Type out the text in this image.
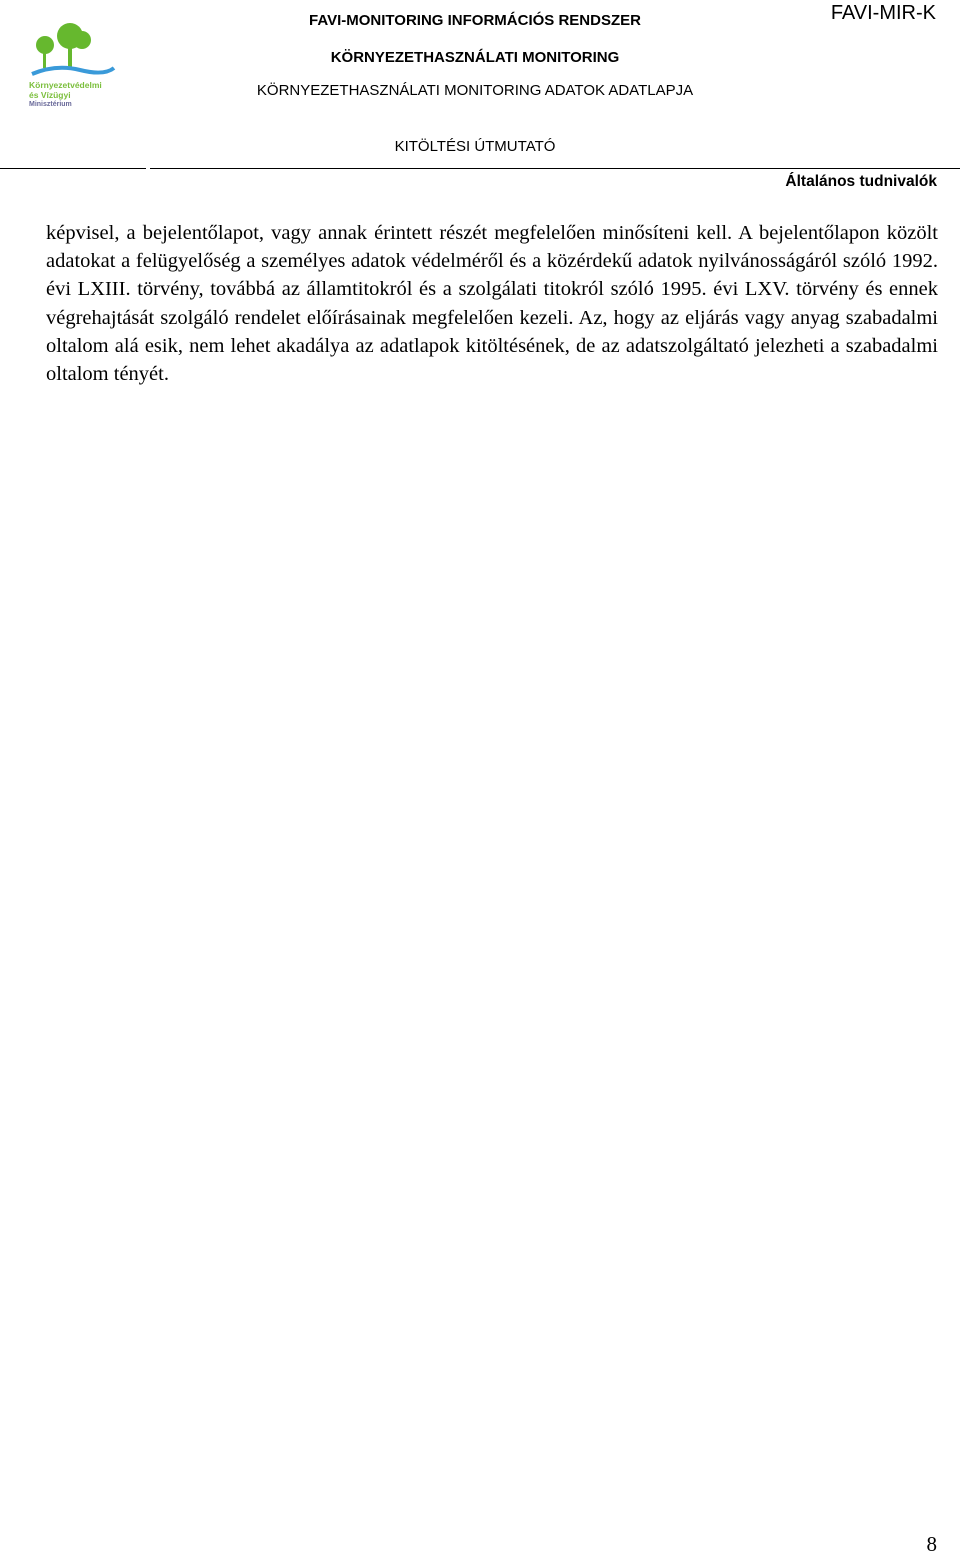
Környezetvédelmi
és Vízügyi
Minisztérium
FAVI-MONITORING INFORMÁCIÓS RENDSZER
KÖRNYEZETHASZNÁLATI MONITORING
KÖRNYEZETHASZNÁLATI MONITORING ADATOK ADATLAPJA
KITÖLTÉSI ÚTMUTATÓ
FAVI-MIR-K
Általános tudnivalók

képvisel, a bejelentőlapot, vagy annak érintett részét megfelelően minősíteni kell. A bejelentőlapon közölt adatokat a felügyelőség a személyes adatok védelméről és a közérdekű adatok nyilvánosságáról szóló 1992. évi LXIII. törvény, továbbá az államtitokról és a szolgálati titokról szóló 1995. évi LXV. törvény és ennek végrehajtását szolgáló rendelet előírásainak megfelelően kezeli. Az, hogy az eljárás vagy anyag szabadalmi oltalom alá esik, nem lehet akadálya az adatlapok kitöltésének, de az adatszolgáltató jelezheti a szabadalmi oltalom tényét.

8
